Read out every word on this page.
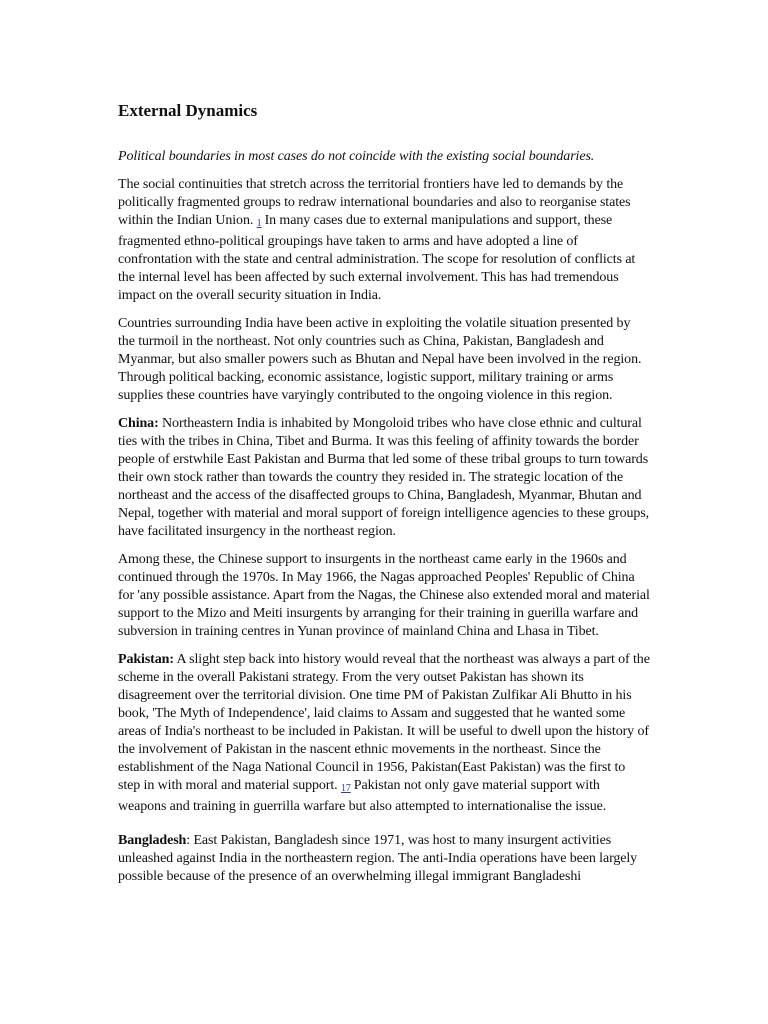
External Dynamics

Political boundaries in most cases do not coincide with the existing social boundaries.

The social continuities that stretch across the territorial frontiers have led to demands by the politically fragmented groups to redraw international boundaries and also to reorganise states within the Indian Union. 1 In many cases due to external manipulations and support, these fragmented ethno-political groupings have taken to arms and have adopted a line of confrontation with the state and central administration. The scope for resolution of conflicts at the internal level has been affected by such external involvement. This has had tremendous impact on the overall security situation in India.

Countries surrounding India have been active in exploiting the volatile situation presented by the turmoil in the northeast. Not only countries such as China, Pakistan, Bangladesh and Myanmar, but also smaller powers such as Bhutan and Nepal have been involved in the region. Through political backing, economic assistance, logistic support, military training or arms supplies these countries have varyingly contributed to the ongoing violence in this region.

China: Northeastern India is inhabited by Mongoloid tribes who have close ethnic and cultural ties with the tribes in China, Tibet and Burma. It was this feeling of affinity towards the border people of erstwhile East Pakistan and Burma that led some of these tribal groups to turn towards their own stock rather than towards the country they resided in. The strategic location of the northeast and the access of the disaffected groups to China, Bangladesh, Myanmar, Bhutan and Nepal, together with material and moral support of foreign intelligence agencies to these groups, have facilitated insurgency in the northeast region.

Among these, the Chinese support to insurgents in the northeast came early in the 1960s and continued through the 1970s. In May 1966, the Nagas approached Peoples' Republic of China for 'any possible assistance. Apart from the Nagas, the Chinese also extended moral and material support to the Mizo and Meiti insurgents by arranging for their training in guerilla warfare and subversion in training centres in Yunan province of mainland China and Lhasa in Tibet.

Pakistan: A slight step back into history would reveal that the northeast was always a part of the scheme in the overall Pakistani strategy. From the very outset Pakistan has shown its disagreement over the territorial division. One time PM of Pakistan Zulfikar Ali Bhutto in his book, 'The Myth of Independence', laid claims to Assam and suggested that he wanted some areas of India's northeast to be included in Pakistan. It will be useful to dwell upon the history of the involvement of Pakistan in the nascent ethnic movements in the northeast. Since the establishment of the Naga National Council in 1956, Pakistan(East Pakistan) was the first to step in with moral and material support. 17 Pakistan not only gave material support with weapons and training in guerrilla warfare but also attempted to internationalise the issue.

Bangladesh: East Pakistan, Bangladesh since 1971, was host to many insurgent activities unleashed against India in the northeastern region. The anti-India operations have been largely possible because of the presence of an overwhelming illegal immigrant Bangladeshi
